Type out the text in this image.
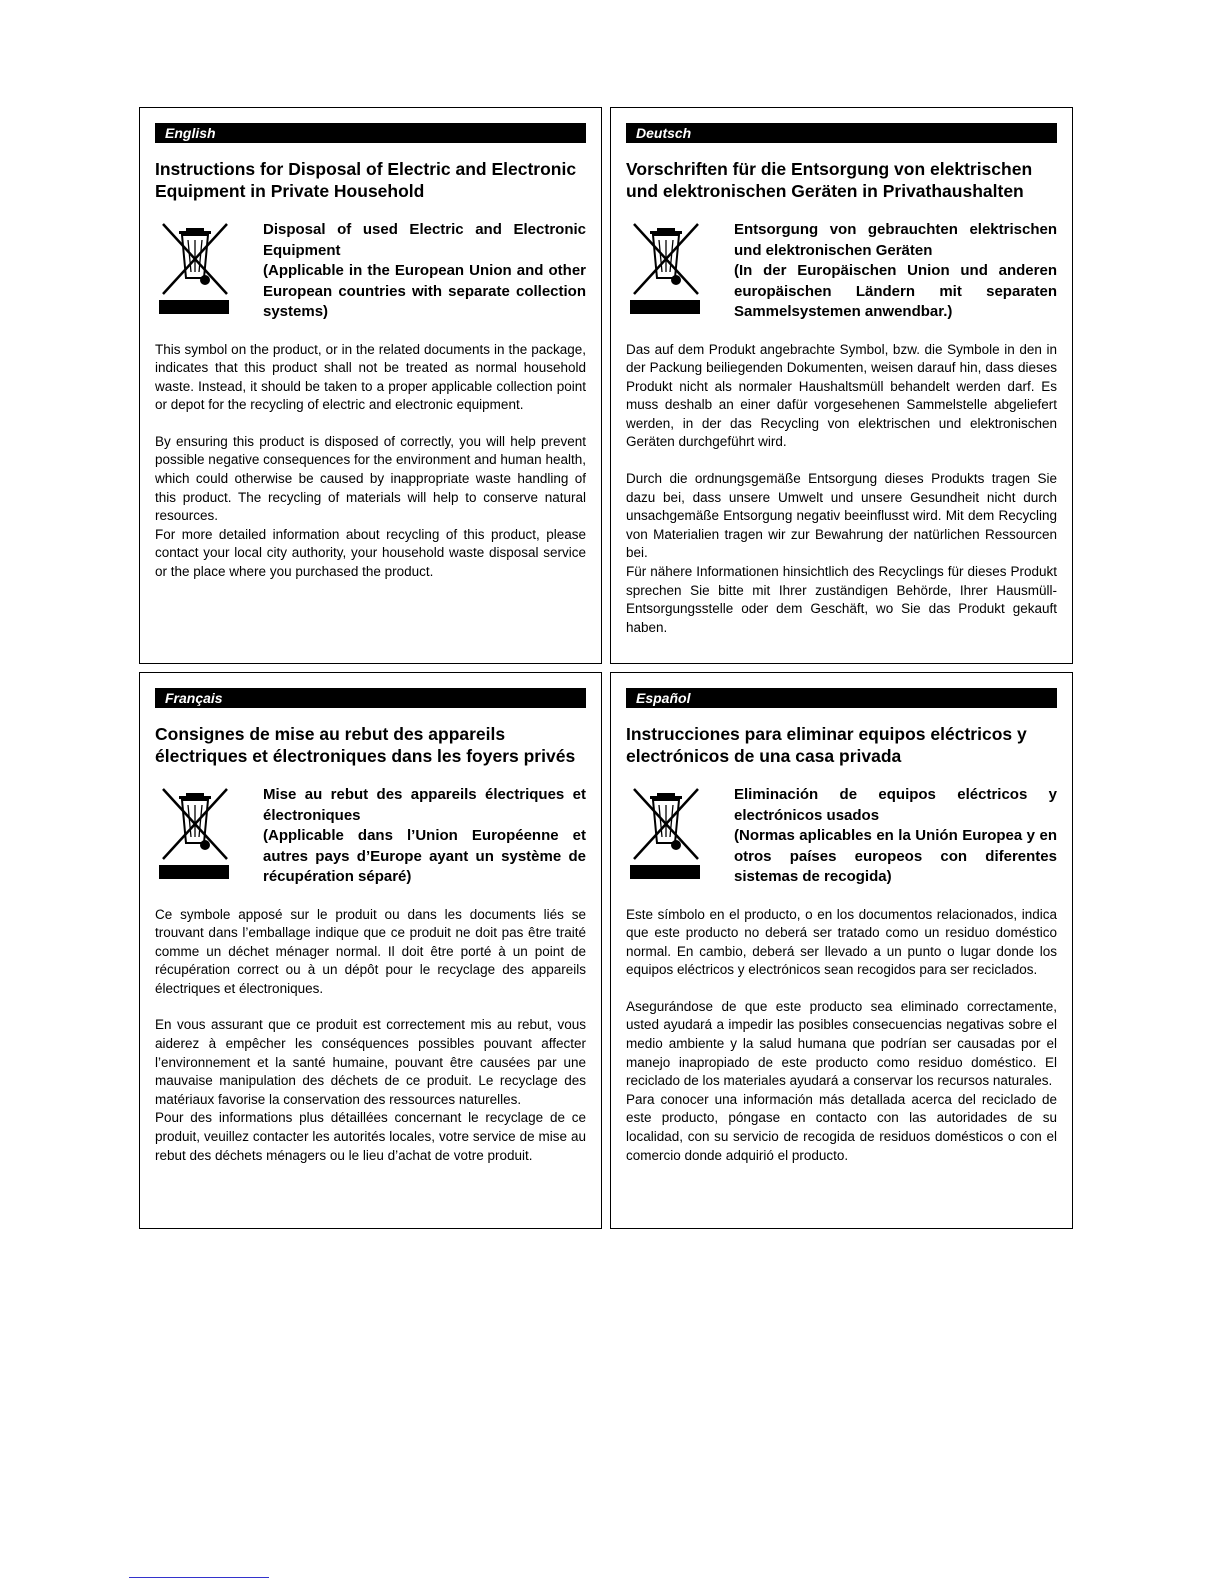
English
Instructions for Disposal of Electric and Electronic Equipment in Private Household
Disposal of used Electric and Electronic Equipment
(Applicable in the European Union and other European countries with separate collection systems)

This symbol on the product, or in the related documents in the package, indicates that this product shall not be treated as normal household waste. Instead, it should be taken to a proper applicable collection point or depot for the recycling of electric and electronic equipment.

By ensuring this product is disposed of correctly, you will help prevent possible negative consequences for the environment and human health, which could otherwise be caused by inappropriate waste handling of this product. The recycling of materials will help to conserve natural resources.

For more detailed information about recycling of this product, please contact your local city authority, your household waste disposal service or the place where you purchased the product.

Deutsch
Vorschriften für die Entsorgung von elektrischen und elektronischen Geräten in Privathaushalten
Entsorgung von gebrauchten elektrischen und elektronischen Geräten
(In der Europäischen Union und anderen europäischen Ländern mit separaten Sammelsystemen anwendbar.)

Das auf dem Produkt angebrachte Symbol, bzw. die Symbole in den in der Packung beiliegenden Dokumenten, weisen darauf hin, dass dieses Produkt nicht als normaler Haushaltsmüll behandelt werden darf. Es muss deshalb an einer dafür vorgesehenen Sammelstelle abgeliefert werden, in der das Recycling von elektrischen und elektronischen Geräten durchgeführt wird.

Durch die ordnungsgemäße Entsorgung dieses Produkts tragen Sie dazu bei, dass unsere Umwelt und unsere Gesundheit nicht durch unsachgemäße Entsorgung negativ beeinflusst wird. Mit dem Recycling von Materialien tragen wir zur Bewahrung der natürlichen Ressourcen bei.

Für nähere Informationen hinsichtlich des Recyclings für dieses Produkt sprechen Sie bitte mit Ihrer zuständigen Behörde, Ihrer Hausmüll-Entsorgungsstelle oder dem Geschäft, wo Sie das Produkt gekauft haben.

Français
Consignes de mise au rebut des appareils électriques et électroniques dans les foyers privés
Mise au rebut des appareils électriques et électroniques
(Applicable dans l’Union Européenne et autres pays d’Europe ayant un système de récupération séparé)

Ce symbole apposé sur le produit ou dans les documents liés se trouvant dans l’emballage indique que ce produit ne doit pas être traité comme un déchet ménager normal. Il doit être porté à un point de récupération correct ou à un dépôt pour le recyclage des appareils électriques et électroniques.

En vous assurant que ce produit est correctement mis au rebut, vous aiderez à empêcher les conséquences possibles pouvant affecter l’environnement et la santé humaine, pouvant être causées par une mauvaise manipulation des déchets de ce produit. Le recyclage des matériaux favorise la conservation des ressources naturelles.

Pour des informations plus détaillées concernant le recyclage de ce produit, veuillez contacter les autorités locales, votre service de mise au rebut des déchets ménagers ou le lieu d’achat de votre produit.

Español
Instrucciones para eliminar equipos eléctricos y electrónicos de una casa privada
Eliminación de equipos eléctricos y electrónicos usados
(Normas aplicables en la Unión Europea y en otros países europeos con diferentes sistemas de recogida)

Este símbolo en el producto, o en los documentos relacionados, indica que este producto no deberá ser tratado como un residuo doméstico normal. En cambio, deberá ser llevado a un punto o lugar donde los equipos eléctricos y electrónicos sean recogidos para ser reciclados.

Asegurándose de que este producto sea eliminado correctamente, usted ayudará a impedir las posibles consecuencias negativas sobre el medio ambiente y la salud humana que podrían ser causadas por el manejo inapropiado de este producto como residuo doméstico. El reciclado de los materiales ayudará a conservar los recursos naturales.

Para conocer una información más detallada acerca del reciclado de este producto, póngase en contacto con las autoridades de su localidad, con su servicio de recogida de residuos domésticos o con el comercio donde adquirió el producto.
